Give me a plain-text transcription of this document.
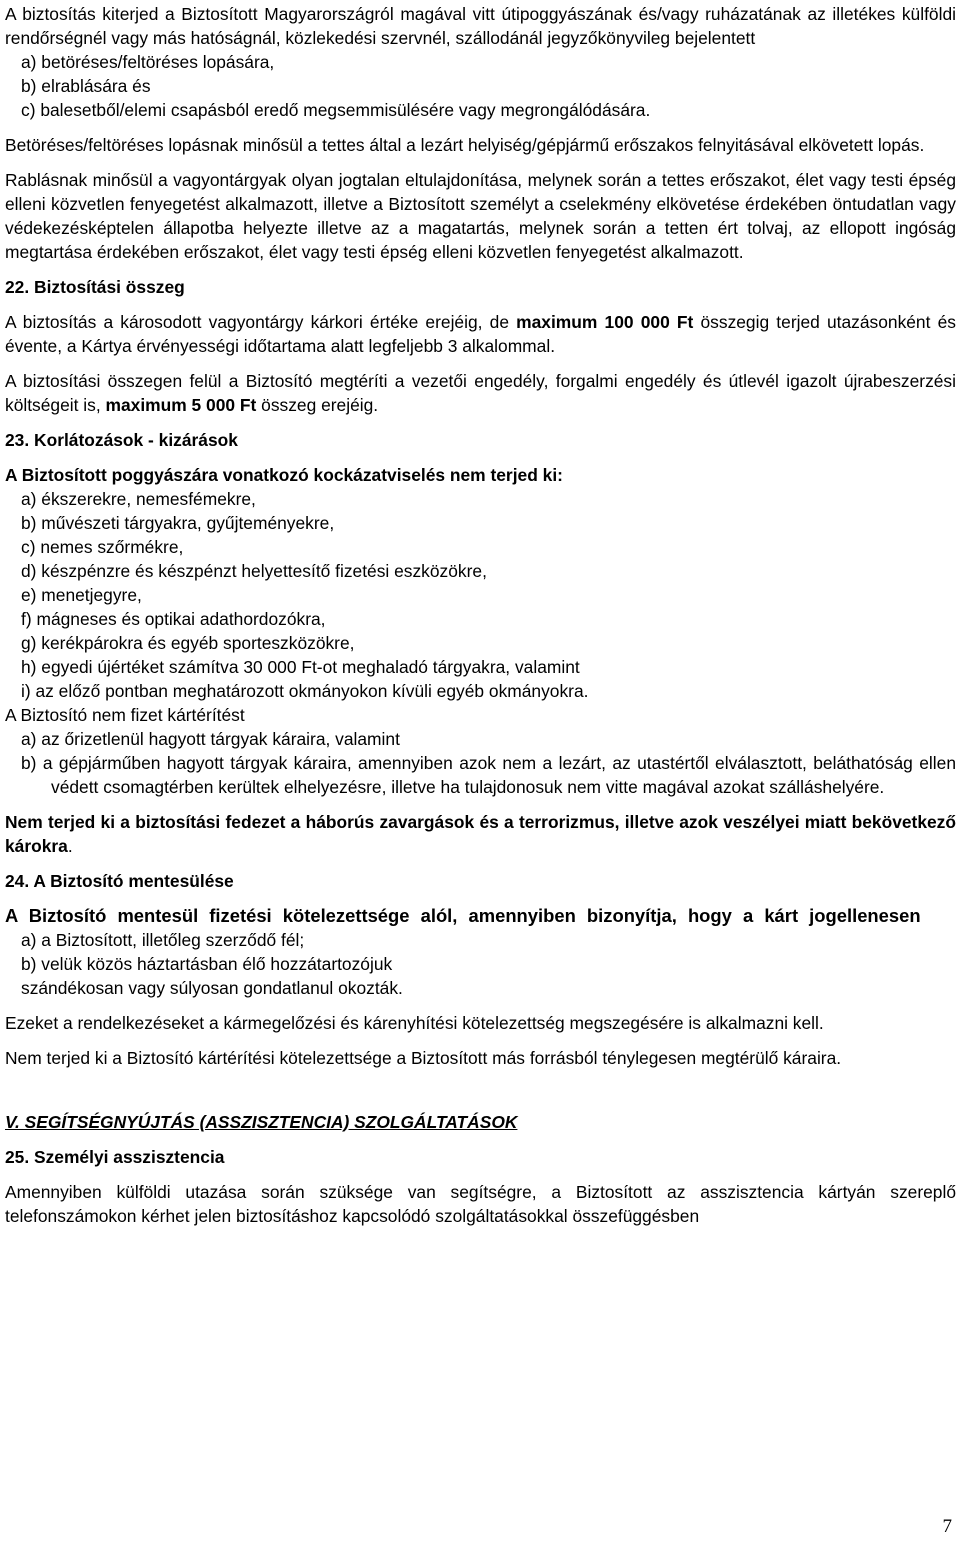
A biztosítás kiterjed a Biztosított Magyarországról magával vitt útipoggyászának és/vagy ruházatának az illetékes külföldi rendőrségnél vagy más hatóságnál, közlekedési szervnél, szállodánál jegyzőkönyvileg bejelentett

a) betöréses/feltöréses lopására,

b) elrablására és

c) balesetből/elemi csapásból eredő megsemmisülésére vagy megrongálódására.

Betöréses/feltöréses lopásnak minősül a tettes által a lezárt helyiség/gépjármű erőszakos felnyitásával elkövetett lopás.

Rablásnak minősül a vagyontárgyak olyan jogtalan eltulajdonítása, melynek során a tettes erőszakot, élet vagy testi épség elleni közvetlen fenyegetést alkalmazott, illetve a Biztosított személyt a cselekmény elkövetése érdekében öntudatlan vagy védekezésképtelen állapotba helyezte illetve az a magatartás, melynek során a tetten ért tolvaj, az ellopott ingóság megtartása érdekében erőszakot, élet vagy testi épség elleni közvetlen fenyegetést alkalmazott.

22. Biztosítási összeg

A biztosítás a károsodott vagyontárgy kárkori értéke erejéig, de maximum 100 000 Ft összegig terjed utazásonként és évente, a Kártya érvényességi időtartama alatt legfeljebb 3 alkalommal.

A biztosítási összegen felül a Biztosító megtéríti a vezetői engedély, forgalmi engedély és útlevél igazolt újrabeszerzési költségeit is, maximum 5 000 Ft összeg erejéig.

23. Korlátozások - kizárások

A Biztosított poggyászára vonatkozó kockázatviselés nem terjed ki:

a) ékszerekre, nemesfémekre,

b) művészeti tárgyakra, gyűjteményekre,

c) nemes szőrmékre,

d) készpénzre és készpénzt helyettesítő fizetési eszközökre,

e) menetjegyre,

f) mágneses és optikai adathordozókra,

g) kerékpárokra és egyéb sporteszközökre,

h) egyedi újértéket számítva 30 000 Ft-ot meghaladó tárgyakra, valamint

i) az előző pontban meghatározott okmányokon kívüli egyéb okmányokra.

A Biztosító nem fizet kártérítést

a) az őrizetlenül hagyott tárgyak káraira, valamint

b) a gépjárműben hagyott tárgyak káraira, amennyiben azok nem a lezárt, az utastértől elválasztott, beláthatóság ellen védett csomagtérben kerültek elhelyezésre, illetve ha tulajdonosuk nem vitte magával azokat szálláshelyére.

Nem terjed ki a biztosítási fedezet a háborús zavargások és a terrorizmus, illetve azok veszélyei miatt bekövetkező károkra.

24. A Biztosító mentesülése

A Biztosító mentesül fizetési kötelezettsége alól, amennyiben bizonyítja, hogy a kárt jogellenesen

a) a Biztosított, illetőleg szerződő fél;

b) velük közös háztartásban élő hozzátartozójuk

szándékosan vagy súlyosan gondatlanul okozták.

Ezeket a rendelkezéseket a kármegelőzési és kárenyhítési kötelezettség megszegésére is alkalmazni kell.

Nem terjed ki a Biztosító kártérítési kötelezettsége a Biztosított más forrásból ténylegesen megtérülő káraira.

V. SEGÍTSÉGNYÚJTÁS (ASSZISZTENCIA) SZOLGÁLTATÁSOK

25. Személyi asszisztencia

Amennyiben külföldi utazása során szüksége van segítségre, a Biztosított az asszisztencia kártyán szereplő telefonszámokon kérhet jelen biztosításhoz kapcsolódó szolgáltatásokkal összefüggésben

7
